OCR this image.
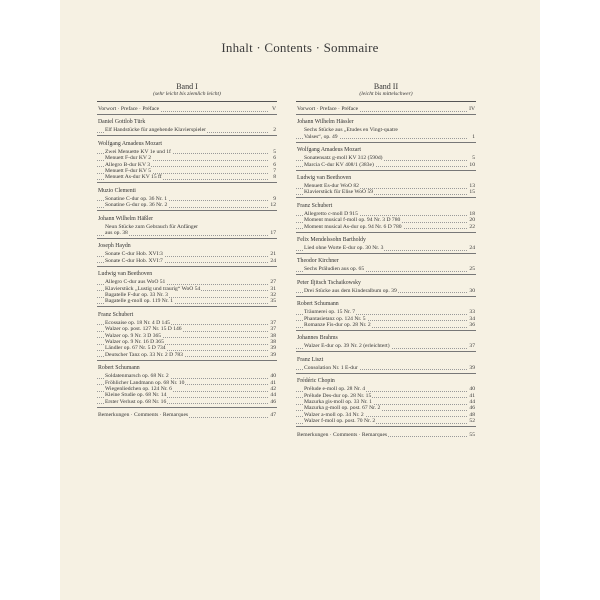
Inhalt · Contents · Sommaire
Band I
(sehr leicht bis ziemlich leicht)
Vorwort · Preface · Préface	V
Daniel Gottlob Türk
Elf Handstücke für angehende Klavierspieler	2
Wolfgang Amadeus Mozart
Zwei Menuette KV 1e und 1f	5
Menuett F-dur KV 2	6
Allegro B-dur KV 3	6
Menuett F-dur KV 5	7
Menuett As-dur KV 15 ff	8
Muzio Clementi
Sonatine C-dur op. 36 Nr. 1	9
Sonatine G-dur op. 36 Nr. 2	12
Johann Wilhelm Häßler
Neun Stücke zum Gebrauch für Anfänger
aus op. 38	17
Joseph Haydn
Sonate C-dur Hob. XVI:3	21
Sonate C-dur Hob. XVI:7	24
Ludwig van Beethoven
Allegro C-dur aus WoO 51	27
Klavierstück „Lustig und traurig“ WoO 54	31
Bagatelle F-dur op. 33 Nr. 3	32
Bagatelle g-moll op. 119 Nr. 1	35
Franz Schubert
Ecossaise op. 18 Nr. 4 D 145	37
Walzer op. post. 127 Nr. 15 D 146	37
Walzer op. 9 Nr. 3 D 365	38
Walzer op. 9 Nr. 16 D 365	38
Ländler op. 67 Nr. 5 D 734	39
Deutscher Tanz op. 33 Nr. 2 D 783	39
Robert Schumann
Soldatenmarsch op. 68 Nr. 2	40
Fröhlicher Landmann op. 68 Nr. 10	41
Wiegenliedchen op. 124 Nr. 6	42
Kleine Studie op. 68 Nr. 14	44
Erster Verlust op. 68 Nr. 16	46
Bemerkungen · Comments · Remarques	47
Band II
(leicht bis mittelschwer)
Vorwort · Preface · Préface	IV
Johann Wilhelm Hässler
Sechs Stücke aus „Etudes en Vingt-quatre
Valses“, op. 49	1
Wolfgang Amadeus Mozart
Sonatensatz g-moll KV 312 (590d)	5
Marcia C-dur KV 408/1 (383e)	10
Ludwig van Beethoven
Menuett Es-dur WoO 82	13
Klavierstück für Elise WoO 59	15
Franz Schubert
Allegretto c-moll D 915	18
Moment musical f-moll op. 94 Nr. 3 D 780	20
Moment musical As-dur op. 94 Nr. 6 D 780	22
Felix Mendelssohn Bartholdy
Lied ohne Worte E-dur op. 30 Nr. 3	24
Theodor Kirchner
Sechs Präludien aus op. 65	25
Peter Iljitsch Tschaikowsky
Drei Stücke aus dem Kinderalbum op. 39	30
Robert Schumann
Träumerei op. 15 Nr. 7	33
Phantasietanz op. 124 Nr. 5	34
Romanze Fis-dur op. 28 Nr. 2	36
Johannes Brahms
Walzer E-dur op. 39 Nr. 2 (erleichtert)	37
Franz Liszt
Consolation Nr. 1 E-dur	39
Frédéric Chopin
Prélude e-moll op. 28 Nr. 4	40
Prélude Des-dur op. 28 Nr. 15	41
Mazurka gis-moll op. 33 Nr. 1	44
Mazurka g-moll op. post. 67 Nr. 2	46
Walzer a-moll op. 34 Nr. 2	48
Walzer f-moll op. post. 70 Nr. 2	52
Bemerkungen · Comments · Remarques	55
